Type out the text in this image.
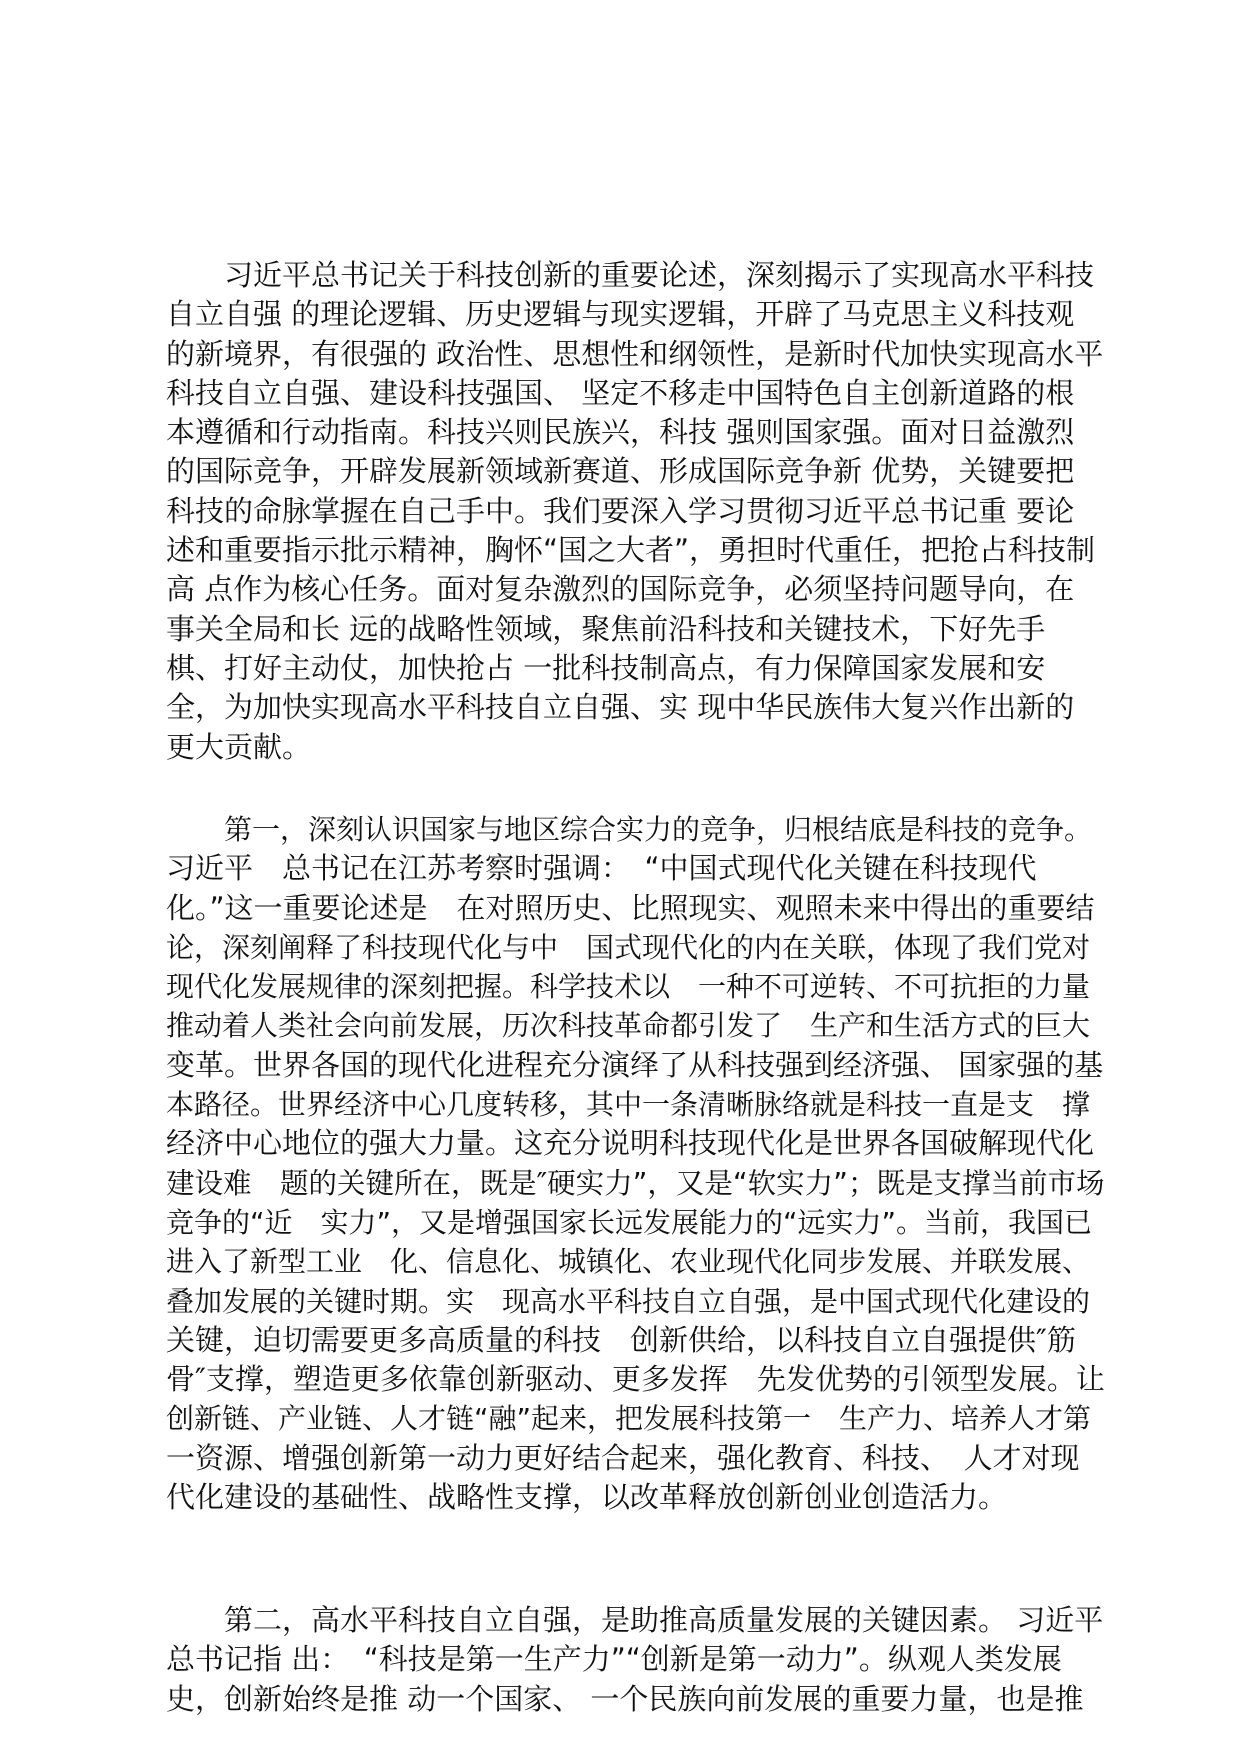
习近平总书记关于科技创新的重要论述，深刻揭示了实现高水平科技
自立自强 的理论逻辑、历史逻辑与现实逻辑，开辟了马克思主义科技观
的新境界，有很强的 政治性、思想性和纲领性，是新时代加快实现高水平
科技自立自强、建设科技强国、 坚定不移走中国特色自主创新道路的根
本遵循和行动指南。科技兴则民族兴，科技 强则国家强。面对日益激烈
的国际竞争，开辟发展新领域新赛道、形成国际竞争新 优势，关键要把
科技的命脉掌握在自己手中。我们要深入学习贯彻习近平总书记重 要论
述和重要指示批示精神，胸怀“国之大者”，勇担时代重任，把抢占科技制
高 点作为核心任务。面对复杂激烈的国际竞争，必须坚持问题导向，在
事关全局和长 远的战略性领域，聚焦前沿科技和关键技术，下好先手
棋、打好主动仗，加快抢占 一批科技制高点，有力保障国家发展和安
全，为加快实现高水平科技自立自强、实 现中华民族伟大复兴作出新的
更大贡献。
第一，深刻认识国家与地区综合实力的竞争，归根结底是科技的竞争。
习近平　总书记在江苏考察时强调：　“中国式现代化关键在科技现代
化。”这一重要论述是　在对照历史、比照现实、观照未来中得出的重要结
论，深刻阐释了科技现代化与中　国式现代化的内在关联，体现了我们党对
现代化发展规律的深刻把握。科学技术以　一种不可逆转、不可抗拒的力量
推动着人类社会向前发展，历次科技革命都引发了　生产和生活方式的巨大
变革。世界各国的现代化进程充分演绎了从科技强到经济强、 国家强的基
本路径。世界经济中心几度转移，其中一条清晰脉络就是科技一直是支　撑
经济中心地位的强大力量。这充分说明科技现代化是世界各国破解现代化
建设难　题的关键所在，既是″硬实力”，又是“软实力”；既是支撑当前市场
竞争的“近　实力”，又是增强国家长远发展能力的“远实力”。当前，我国已
进入了新型工业　化、信息化、城镇化、农业现代化同步发展、并联发展、
叠加发展的关键时期。实　现高水平科技自立自强，是中国式现代化建设的
关键，迫切需要更多高质量的科技　创新供给，以科技自立自强提供″筋
骨″支撑，塑造更多依靠创新驱动、更多发挥　先发优势的引领型发展。让
创新链、产业链、人才链“融”起来，把发展科技第一　生产力、培养人才第
一资源、增强创新第一动力更好结合起来，强化教育、科技、　人才对现
代化建设的基础性、战略性支撑，以改革释放创新创业创造活力。
第二，高水平科技自立自强，是助推高质量发展的关键因素。 习近平
总书记指 出：　“科技是第一生产力”“创新是第一动力”。纵观人类发展
史，创新始终是推 动一个国家、 一个民族向前发展的重要力量，也是推
